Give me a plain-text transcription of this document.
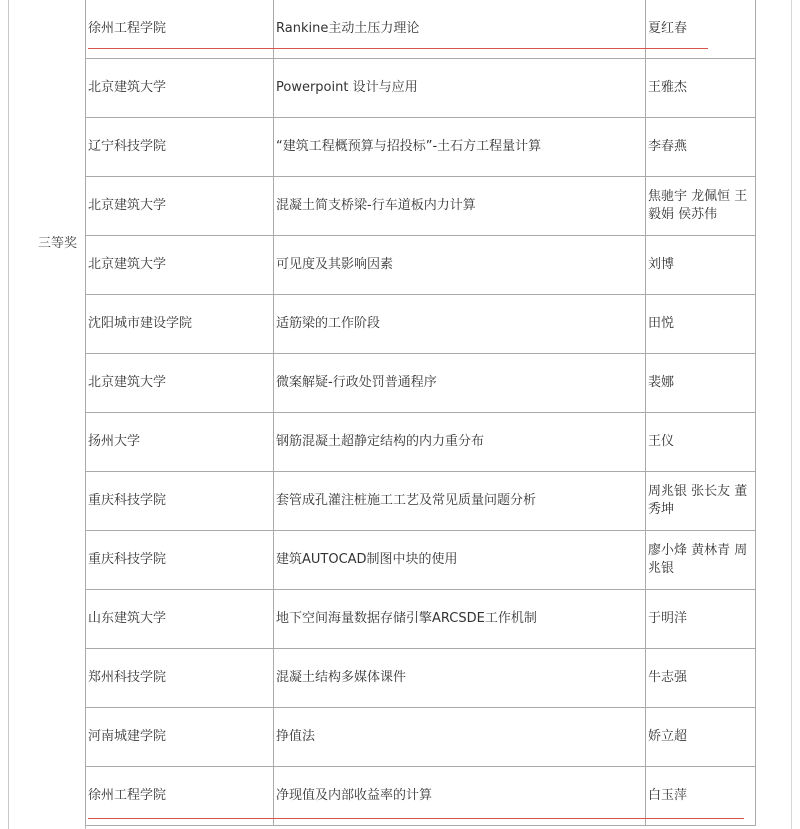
三等奖
徐州工程学院	Rankine主动土压力理论	夏红春
北京建筑大学	Powerpoint 设计与应用	王雅杰
辽宁科技学院	“建筑工程概预算与招投标”-土石方工程量计算	李春燕
北京建筑大学	混凝土简支桥梁-行车道板内力计算	焦驰宇 龙佩恒 王毅娟 侯苏伟
北京建筑大学	可见度及其影响因素	刘博
沈阳城市建设学院	适筋梁的工作阶段	田悦
北京建筑大学	微案解疑-行政处罚普通程序	裴娜
扬州大学	钢筋混凝土超静定结构的内力重分布	王仪
重庆科技学院	套管成孔灌注桩施工工艺及常见质量问题分析	周兆银 张长友 董秀坤
重庆科技学院	建筑AUTOCAD制图中块的使用	廖小烽 黄林青 周兆银
山东建筑大学	地下空间海量数据存储引擎ARCSDE工作机制	于明洋
郑州科技学院	混凝土结构多媒体课件	牛志强
河南城建学院	挣值法	娇立超
徐州工程学院	净现值及内部收益率的计算	白玉萍
